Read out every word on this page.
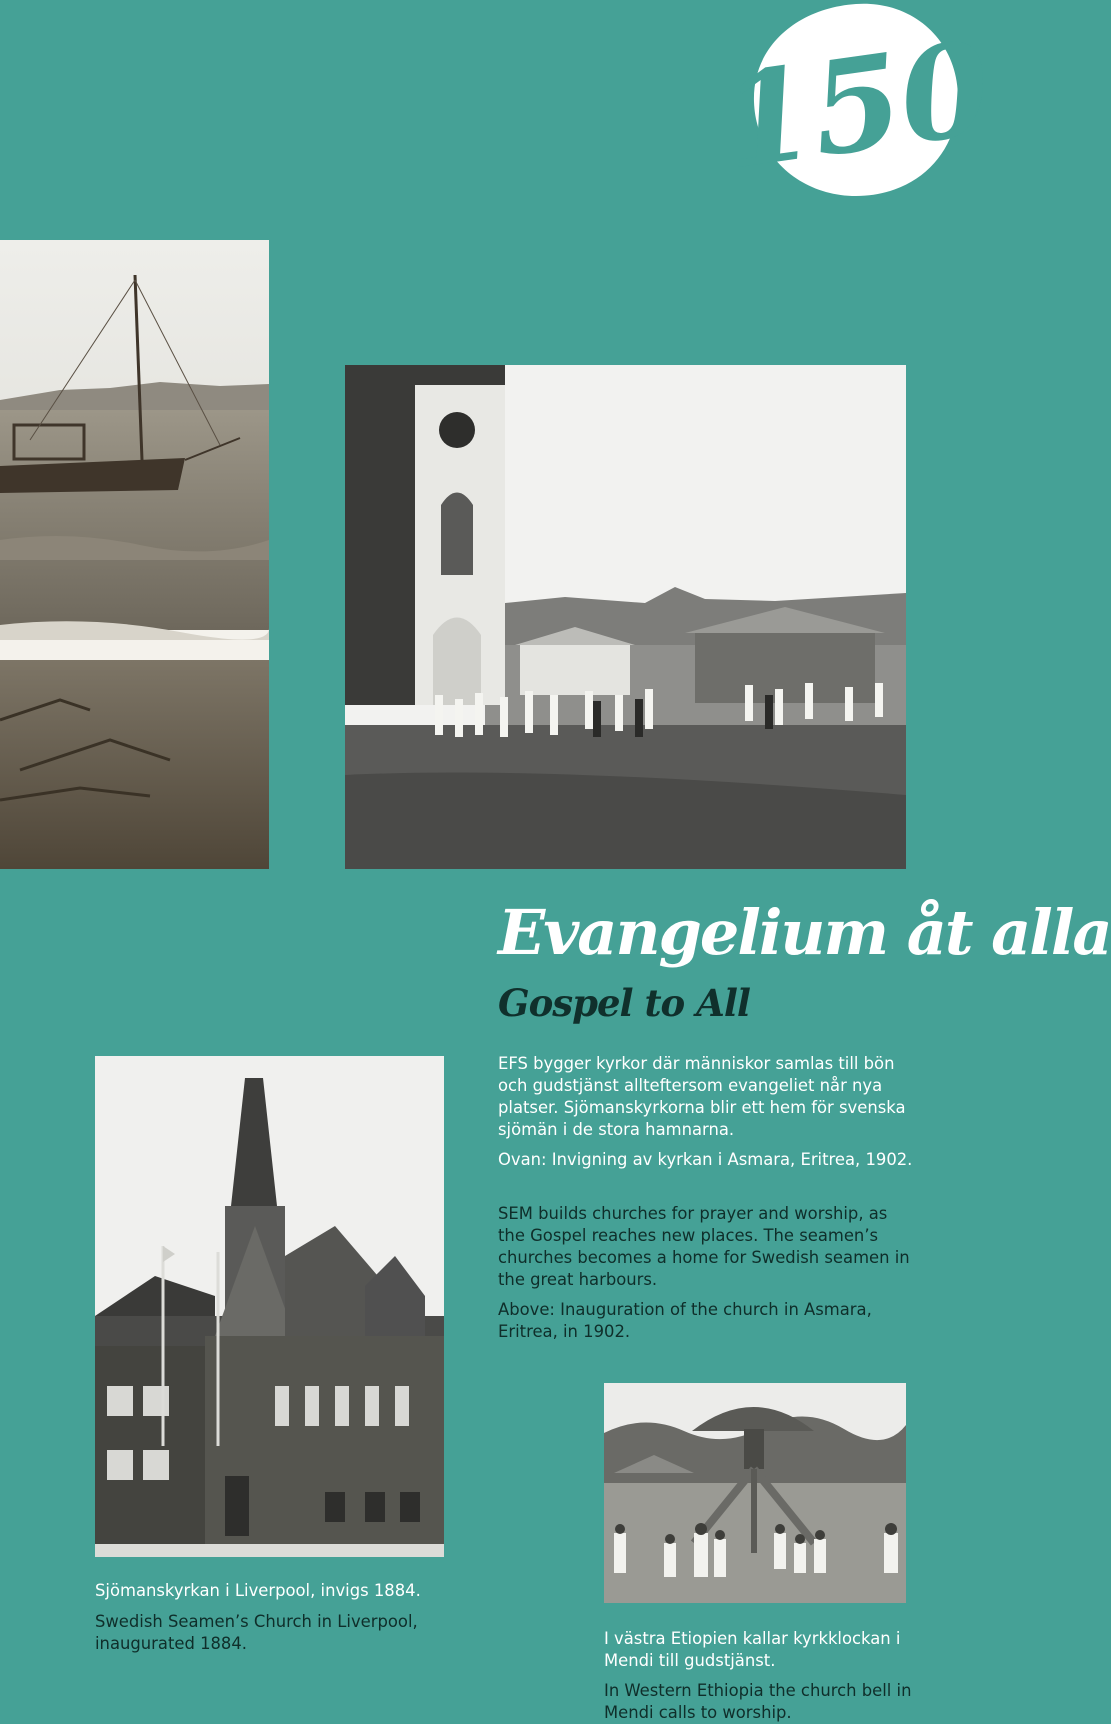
150
Evangelium åt alla
Gospel to All

EFS bygger kyrkor där människor samlas till bön och gudstjänst allteftersom evangeliet når nya platser. Sjömanskyrkorna blir ett hem för svenska sjömän i de stora hamnarna.

Ovan: Invigning av kyrkan i Asmara, Eritrea, 1902.

SEM builds churches for prayer and worship, as the Gospel reaches new places. The seamen’s churches becomes a home for Swedish seamen in the great harbours.

Above: Inauguration of the church in Asmara, Eritrea, in 1902.

Sjömanskyrkan i Liverpool, invigs 1884.

Swedish Seamen’s Church in Liverpool, inaugurated 1884.	I västra Etiopien kallar kyrkklockan i Mendi till gudstjänst.

In Western Ethiopia the church bell in Mendi calls to worship.
